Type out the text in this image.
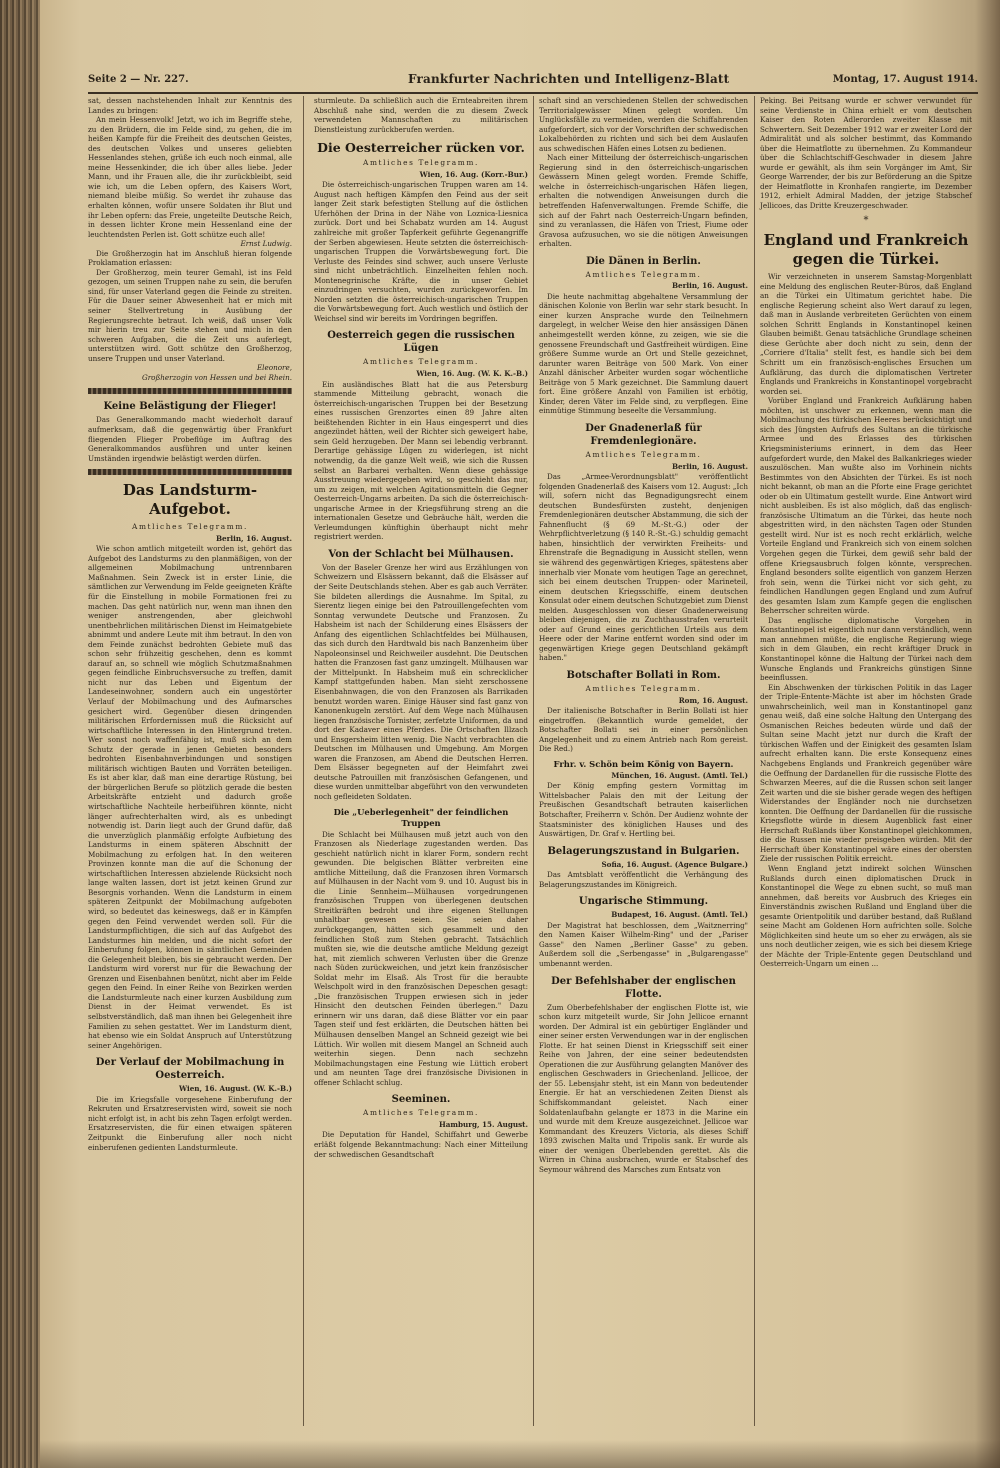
Seite 2 — Nr. 227.	Frankfurter Nachrichten und Intelligenz-Blatt	Montag, 17. August 1914.

sat, dessen nachstehenden Inhalt zur Kenntnis des Landes zu bringen:

An mein Hessenvolk! Jetzt, wo ich im Begriffe stehe, zu den Brüdern, die im Felde sind, zu gehen, die im heißen Kampfe für die Freiheit des deutschen Geistes, des deutschen Volkes und unseres geliebten Hessenlandes stehen, grüße ich euch noch einmal, alle meine Hessenkinder, die ich über alles liebe. Jeder Mann, und ihr Frauen alle, die ihr zurückbleibt, seid wie ich, um die Leben opfern, des Kaisers Wort, niemand bleibe müßig. So werdet ihr zuhause das erhalten können, wofür unsere Soldaten ihr Blut und ihr Leben opfern: das Freie, ungeteilte Deutsche Reich, in dessen lichter Krone mein Hessenland eine der leuchtendsten Perlen ist. Gott schütze euch alle!

Ernst Ludwig.

Die Großherzogin hat im Anschluß hieran folgende Proklamation erlassen:

Der Großherzog, mein teurer Gemahl, ist ins Feld gezogen, um seinen Truppen nahe zu sein, die berufen sind, für unser Vaterland gegen die Feinde zu streiten. Für die Dauer seiner Abwesenheit hat er mich mit seiner Stellvertretung in Ausübung der Regierungsrechte betraut. Ich weiß, daß unser Volk mir hierin treu zur Seite stehen und mich in den schweren Aufgaben, die die Zeit uns auferlegt, unterstützen wird. Gott schütze den Großherzog, unsere Truppen und unser Vaterland.

Eleonore,

Großherzogin von Hessen und bei Rhein.

Keine Belästigung der Flieger!

Das Generalkommando macht wiederholt darauf aufmerksam, daß die gegenwärtig über Frankfurt fliegenden Flieger Probeflüge im Auftrag des Generalkommandos ausführen und unter keinen Umständen irgendwie belästigt werden dürfen.

Das Landsturm-Aufgebot.

Amtliches Telegramm.

Berlin, 16. August.

Wie schon amtlich mitgeteilt worden ist, gehört das Aufgebot des Landsturms zu den planmäßigen, von der allgemeinen Mobilmachung untrennbaren Maßnahmen. Sein Zweck ist in erster Linie, die sämtlichen zur Verwendung im Felde geeigneten Kräfte für die Einstellung in mobile Formationen frei zu machen. Das geht natürlich nur, wenn man ihnen den weniger anstrengenden, aber gleichwohl unentbehrlichen militärischen Dienst im Heimatgebiete abnimmt und andere Leute mit ihm betraut. In den von dem Feinde zunächst bedrohten Gebiete muß das schon sehr frühzeitig geschehen, denn es kommt darauf an, so schnell wie möglich Schutzmaßnahmen gegen feindliche Einbruchsversuche zu treffen, damit nicht nur das Leben und Eigentum der Landeseinwohner, sondern auch ein ungestörter Verlauf der Mobilmachung und des Aufmarsches gesichert wird. Gegenüber diesen dringenden militärischen Erfordernissen muß die Rücksicht auf wirtschaftliche Interessen in den Hintergrund treten. Wer sonst noch waffenfähig ist, muß sich an dem Schutz der gerade in jenen Gebieten besonders bedrohten Eisenbahnverbindungen und sonstigen militärisch wichtigen Bauten und Vorräten beteiligen. Es ist aber klar, daß man eine derartige Rüstung, bei der bürgerlichen Berufe so plötzlich gerade die besten Arbeitskräfte entzieht und dadurch große wirtschaftliche Nachteile herbeiführen könnte, nicht länger aufrechterhalten wird, als es unbedingt notwendig ist. Darin liegt auch der Grund dafür, daß die unverzüglich planmäßig erfolgte Aufbietung des Landsturms in einem späteren Abschnitt der Mobilmachung zu erfolgen hat. In den weiteren Provinzen konnte man die auf die Schonung der wirtschaftlichen Interessen abzielende Rücksicht noch lange walten lassen, dort ist jetzt keinen Grund zur Besorgnis vorhanden. Wenn die Landsturm in einem späteren Zeitpunkt der Mobilmachung aufgeboten wird, so bedeutet das keineswegs, daß er in Kämpfen gegen den Feind verwendet werden soll. Für die Landsturmpflichtigen, die sich auf das Aufgebot des Landsturmes hin melden, und die nicht sofort der Einberufung folgen, können in sämtlichen Gemeinden die Gelegenheit bleiben, bis sie gebraucht werden. Der Landsturm wird vorerst nur für die Bewachung der Grenzen und Eisenbahnen benützt, nicht aber im Felde gegen den Feind. In einer Reihe von Bezirken werden die Landsturmleute nach einer kurzen Ausbildung zum Dienst in der Heimat verwendet. Es ist selbstverständlich, daß man ihnen bei Gelegenheit ihre Familien zu sehen gestattet. Wer im Landsturm dient, hat ebenso wie ein Soldat Anspruch auf Unterstützung seiner Angehörigen.

Der Verlauf der Mobilmachung in Oesterreich.

Wien, 16. August. (W. K.-B.)

Die im Kriegsfalle vorgesehene Einberufung der Rekruten und Ersatzreservisten wird, soweit sie noch nicht erfolgt ist, in acht bis zehn Tagen erfolgt werden. Ersatzreservisten, die für einen etwaigen späteren Zeitpunkt die Einberufung aller noch nicht einberufenen gedienten Landsturmleute.

sturmleute. Da schließlich auch die Ernteabreiten ihrem Abschluß nahe sind, werden die zu diesem Zweck verwendeten Mannschaften zu militärischen Dienstleistung zurückberufen werden.

Die Oesterreicher rücken vor.

Amtliches Telegramm.

Wien, 16. Aug. (Korr.-Bur.)

Die österreichisch-ungarischen Truppen waren am 14. August nach heftigen Kämpfen den Feind aus der seit langer Zeit stark befestigten Stellung auf die östlichen Uferhöhen der Drina in der Nähe von Loznica-Liesnica zurück. Dort und bei Schabatz wurden am 14. August zahlreiche mit großer Tapferkeit geführte Gegenangriffe der Serben abgewiesen. Heute setzten die österreichisch-ungarischen Truppen die Vorwärtsbewegung fort. Die Verluste des Feindes sind schwer, auch unsere Verluste sind nicht unbeträchtlich. Einzelheiten fehlen noch. Montenegrinische Kräfte, die in unser Gebiet einzudringen versuchten, wurden zurückgeworfen. Im Norden setzten die österreichisch-ungarischen Truppen die Vorwärtsbewegung fort. Auch westlich und östlich der Weichsel sind wir bereits im Vordringen begriffen.

Oesterreich gegen die russischen Lügen

Amtliches Telegramm.

Wien, 16. Aug. (W. K. K.-B.)

Ein ausländisches Blatt hat die aus Petersburg stammende Mitteilung gebracht, wonach die österreichisch-ungarischen Truppen bei der Besetzung eines russischen Grenzortes einen 89 Jahre alten beißtehenden Richter in ein Haus eingesperrt und dies angezündet hätten, weil der Richter sich geweigert habe, sein Geld herzugeben. Der Mann sei lebendig verbrannt. Derartige gehässige Lügen zu widerlegen, ist nicht notwendig, da die ganze Welt weiß, wie sich die Russen selbst an Barbarei verhalten. Wenn diese gehässige Ausstreuung wiedergegeben wird, so geschieht das nur, um zu zeigen, mit welchen Agitationsmitteln die Gegner Oesterreich-Ungarns arbeiten. Da sich die österreichisch-ungarische Armee in der Kriegsführung streng an die internationalen Gesetze und Gebräuche hält, werden die Verleumdungen künftighin überhaupt nicht mehr registriert werden.

Von der Schlacht bei Mülhausen.

Von der Baseler Grenze her wird aus Erzählungen von Schweizern und Elsässern bekannt, daß die Elsässer auf der Seite Deutschlands stehen. Aber es gab auch Verräter. Sie bildeten allerdings die Ausnahme. Im Spital, zu Sierentz liegen einige bei den Patrouillengefechten vom Sonntag verwundete Deutsche und Franzosen. Zu Habsheim ist nach der Schilderung eines Elsässers der Anfang des eigentlichen Schlachtfeldes bei Mülhausen, das sich durch den Hardtwald bis nach Banzenheim über Napoleonsinsel und Reichweiler ausdehnt. Die Deutschen hatten die Franzosen fast ganz umzingelt. Mülhausen war der Mittelpunkt. In Habsheim muß ein schrecklicher Kampf stattgefunden haben. Man sieht zerschossene Eisenbahnwagen, die von den Franzosen als Barrikaden benutzt worden waren. Einige Häuser sind fast ganz von Kanonenkugeln zerstört. Auf dem Wege nach Mülhausen liegen französische Tornister, zerfetzte Uniformen, da und dort der Kadaver eines Pferdes. Die Ortschaften Illzach und Ensgersheim litten wenig. Die Nacht verbrachten die Deutschen im Mülhausen und Umgebung. Am Morgen waren die Franzosen, am Abend die Deutschen Herren. Dem Elsässer begegneten auf der Heimfahrt zwei deutsche Patrouillen mit französischen Gefangenen, und diese wurden unmittelbar abgeführt von den verwundeten noch gefleideten Soldaten.

Die „Ueberlegenheit" der feindlichen Truppen

Die Schlacht bei Mülhausen muß jetzt auch von den Franzosen als Niederlage zugestanden werden. Das geschieht natürlich nicht in klarer Form, sondern recht gewunden. Die belgischen Blätter verbreiten eine amtliche Mitteilung, daß die Franzosen ihren Vormarsch auf Mülhausen in der Nacht vom 9. und 10. August bis in die Linie Sennheim—Mülhausen vorgedrungenen französischen Truppen von überlegenen deutschen Streitkräften bedroht und ihre eigenen Stellungen unhaltbar gewesen seien. Sie seien daher zurückgegangen, hätten sich gesammelt und den feindlichen Stoß zum Stehen gebracht. Tatsächlich mußten sie, wie die deutsche amtliche Meldung gezeigt hat, mit ziemlich schweren Verlusten über die Grenze nach Süden zurückweichen, und jetzt kein französischer Soldat mehr im Elsaß. Als Trost für die beraubte Welschpolt wird in den französischen Depeschen gesagt: „Die französischen Truppen erwiesen sich in jeder Hinsicht den deutschen Feinden überlegen." Dazu erinnern wir uns daran, daß diese Blätter vor ein paar Tagen steif und fest erklärten, die Deutschen hätten bei Mülhausen denselben Mangel an Schneid gezeigt wie bei Lüttich. Wir wollen mit diesem Mangel an Schneid auch weiterhin siegen. Denn nach sechzehn Mobilmachungstagen eine Festung wie Lüttich erobert und am neunten Tage drei französische Divisionen in offener Schlacht schlug.

Seeminen.

Amtliches Telegramm.

Hamburg, 15. August.

Die Deputation für Handel, Schiffahrt und Gewerbe erläßt folgende Bekanntmachung: Nach einer Mitteilung der schwedischen Gesandtschaft

schaft sind an verschiedenen Stellen der schwedischen Territorialgewässer Minen gelegt worden. Um Unglücksfälle zu vermeiden, werden die Schiffahrenden aufgefordert, sich vor der Vorschriften der schwedischen Lokalbehörden zu richten und sich bei dem Auslaufen aus schwedischen Häfen eines Lotsen zu bedienen.

Nach einer Mitteilung der österreichisch-ungarischen Regierung sind in den österreichisch-ungarischen Gewässern Minen gelegt worden. Fremde Schiffe, welche in österreichisch-ungarischen Häfen liegen, erhalten die notwendigen Anweisungen durch die betreffenden Hafenverwaltungen. Fremde Schiffe, die sich auf der Fahrt nach Oesterreich-Ungarn befinden, sind zu veranlassen, die Häfen von Triest, Fiume oder Gravosa aufzusuchen, wo sie die nötigen Anweisungen erhalten.

Die Dänen in Berlin.

Amtliches Telegramm.

Berlin, 16. August.

Die heute nachmittag abgehaltene Versammlung der dänischen Kolonie von Berlin war sehr stark besucht. In einer kurzen Ansprache wurde den Teilnehmern dargelegt, in welcher Weise den hier ansässigen Dänen anheimgestellt werden könne, zu zeigen, wie sie die genossene Freundschaft und Gastfreiheit würdigen. Eine größere Summe wurde an Ort und Stelle gezeichnet, darunter waren Beiträge von 500 Mark. Von einer Anzahl dänischer Arbeiter wurden sogar wöchentliche Beiträge von 5 Mark gezeichnet. Die Sammlung dauert fort. Eine größere Anzahl von Familien ist erbötig, Kinder, deren Väter im Felde sind, zu verpflegen. Eine einmütige Stimmung beseelte die Versammlung.

Der Gnadenerlaß für Fremdenlegionäre.

Amtliches Telegramm.

Berlin, 16. August.

Das „Armee-Verordnungsblatt" veröffentlicht folgenden Gnadenerlaß des Kaisers vom 12. August: „Ich will, sofern nicht das Begnadigungsrecht einem deutschen Bundesfürsten zusteht, denjenigen Fremdenlegionären deutscher Abstammung, die sich der Fahnenflucht (§ 69 M.-St.-G.) oder der Wehrpflichtverletzung (§ 140 R.-St.-G.) schuldig gemacht haben, hinsichtlich der verwirkten Freiheits- und Ehrenstrafe die Begnadigung in Aussicht stellen, wenn sie während des gegenwärtigen Krieges, spätestens aber innerhalb vier Monate vom heutigen Tage an gerechnet, sich bei einem deutschen Truppen- oder Marineteil, einem deutschen Kriegsschiffe, einem deutschen Konsulat oder einem deutschen Schutzgebiet zum Dienst melden. Ausgeschlossen von dieser Gnadenerweisung bleiben diejenigen, die zu Zuchthausstrafen verurteilt oder auf Grund eines gerichtlichen Urteils aus dem Heere oder der Marine entfernt worden sind oder im gegenwärtigen Kriege gegen Deutschland gekämpft haben."

Botschafter Bollati in Rom.

Amtliches Telegramm.

Rom, 16. August.

Der italienische Botschafter in Berlin Bollati ist hier eingetroffen. (Bekanntlich wurde gemeldet, der Botschafter Bollati sei in einer persönlichen Angelegenheit und zu einem Antrieb nach Rom gereist. Die Red.)

Frhr. v. Schön beim König von Bayern.

München, 16. August. (Amtl. Tel.)

Der König empfing gestern Vormittag im Wittelsbacher Palais den mit der Leitung der Preußischen Gesandtschaft betrauten kaiserlichen Botschafter, Freiherrn v. Schön. Der Audienz wohnte der Staatsminister des königlichen Hauses und des Auswärtigen, Dr. Graf v. Hertling bei.

Belagerungszustand in Bulgarien.

Sofia, 16. August. (Agence Bulgare.)

Das Amtsblatt veröffentlicht die Verhängung des Belagerungszustandes im Königreich.

Ungarische Stimmung.

Budapest, 16. August. (Amtl. Tel.)

Der Magistrat hat beschlossen, dem „Waitznerring" den Namen Kaiser Wilhelm-Ring" und der „Pariser Gasse" den Namen „Berliner Gasse" zu geben. Außerdem soll die „Serbengasse" in „Bulgarengasse" umbenannt werden.

Der Befehlshaber der englischen Flotte.

Zum Oberbefehlshaber der englischen Flotte ist, wie schon kurz mitgeteilt wurde, Sir John Jellicoe ernannt worden. Der Admiral ist ein gebürtiger Engländer und einer seiner ersten Verwendungen war in der englischen Flotte. Er hat seinen Dienst in Kriegsschiff seit einer Reihe von Jahren, der eine seiner bedeutendsten Operationen die zur Ausführung gelangten Manöver des englischen Geschwaders in Griechenland. Jellicoe, der der 55. Lebensjahr steht, ist ein Mann von bedeutender Energie. Er hat an verschiedenen Zeiten Dienst als Schiffskommandant geleistet. Nach einer Soldatenlaufbahn gelangte er 1873 in die Marine ein und wurde mit dem Kreuze ausgezeichnet. Jellicoe war Kommandant des Kreuzers Victoria, als dieses Schiff 1893 zwischen Malta und Tripolis sank. Er wurde als einer der wenigen Überlebenden gerettet. Als die Wirren in China ausbrachen, wurde er Stabschef des Seymour während des Marsches zum Entsatz von

Peking. Bei Peitsang wurde er schwer verwundet für seine Verdienste in China erhielt er vom deutschen Kaiser den Roten Adlerorden zweiter Klasse mit Schwertern. Seit Dezember 1912 war er zweiter Lord der Admiralität und als solcher bestimmt, das Kommando über die Heimatflotte zu übernehmen. Zu Kommandeur über die Schlachtschiff-Geschwader in diesem Jahre wurde er gewählt, als ihm sein Vorgänger im Amt, Sir George Warrender, der bis zur Beförderung an die Spitze der Heimatflotte in Kronhafen rangierte, im Dezember 1912, erhielt Admiral Madden, der jetzige Stabschef Jellicoes, das Dritte Kreuzergeschwader.

*

England und Frankreich gegen die Türkei.

Wir verzeichneten in unserem Samstag-Morgenblatt eine Meldung des englischen Reuter-Büros, daß England an die Türkei ein Ultimatum gerichtet habe. Die englische Regierung scheint also Wert darauf zu legen, daß man in Auslande verbreiteten Gerüchten von einem solchen Schritt Englands in Konstantinopel keinen Glauben beimißt. Genau tatsächliche Grundlage scheinen diese Gerüchte aber doch nicht zu sein, denn der „Corriere d'Italia" stellt fest, es handle sich bei dem Schritt um ein französisch-englisches Ersuchen um Aufklärung, das durch die diplomatischen Vertreter Englands und Frankreichs in Konstantinopel vorgebracht worden sei.

Vorüber England und Frankreich Aufklärung haben möchten, ist unschwer zu erkennen, wenn man die Mobilmachung des türkischen Heeres berücksichtigt und sich des Jüngsten Aufrufs des Sultans an die türkische Armee und des Erlasses des türkischen Kriegsministeriums erinnert, in dem das Heer aufgefordert wurde, den Makel des Balkankrieges wieder auszulöschen. Man wußte also im Vorhinein nichts Bestimmtes von den Absichten der Türkei. Es ist noch nicht bekannt, ob man an die Pforte eine Frage gerichtet oder ob ein Ultimatum gestellt wurde. Eine Antwort wird nicht ausbleiben. Es ist also möglich, daß das englisch-französische Ultimatum an die Türkei, das heute noch abgestritten wird, in den nächsten Tagen oder Stunden gestellt wird. Nur ist es noch recht erklärlich, welche Vorteile England und Frankreich sich von einem solchen Vorgehen gegen die Türkei, dem gewiß sehr bald der offene Kriegsausbruch folgen könnte, versprechen. England besonders sollte eigentlich von ganzem Herzen froh sein, wenn die Türkei nicht vor sich geht, zu feindlichen Handlungen gegen England und zum Aufruf des gesamten Islam zum Kampfe gegen die englischen Beherrscher schreiten würde.

Das englische diplomatische Vorgehen in Konstantinopel ist eigentlich nur dann verständlich, wenn man annehmen müßte, die englische Regierung wiege sich in dem Glauben, ein recht kräftiger Druck in Konstantinopel könne die Haltung der Türkei nach dem Wunsche Englands und Frankreichs günstigen Sinne beeinflussen.

Ein Abschwenken der türkischen Politik in das Lager der Triple-Entente-Mächte ist aber im höchsten Grade unwahrscheinlich, weil man in Konstantinopel ganz genau weiß, daß eine solche Haltung den Untergang des Osmanischen Reiches bedeuten würde und daß der Sultan seine Macht jetzt nur durch die Kraft der türkischen Waffen und der Einigkeit des gesamten Islam aufrecht erhalten kann. Die erste Konsequenz eines Nachgebens Englands und Frankreich gegenüber wäre die Oeffnung der Dardanellen für die russische Flotte des Schwarzen Meeres, auf die die Russen schon seit langer Zeit warten und die sie bisher gerade wegen des heftigen Widerstandes der Engländer noch nie durchsetzen konnten. Die Oeffnung der Dardanellen für die russische Kriegsflotte würde in diesem Augenblick fast einer Herrschaft Rußlands über Konstantinopel gleichkommen, die die Russen nie wieder preisgeben würden. Mit der Herrschaft über Konstantinopel wäre eines der obersten Ziele der russischen Politik erreicht.

Wenn England jetzt indirekt solchen Wünschen Rußlands durch einen diplomatischen Druck in Konstantinopel die Wege zu ebnen sucht, so muß man annehmen, daß bereits vor Ausbruch des Krieges ein Einverständnis zwischen Rußland und England über die gesamte Orientpolitik und darüber bestand, daß Rußland seine Macht am Goldenen Horn aufrichten solle. Solche Möglichkeiten sind heute um so eher zu erwägen, als sie uns noch deutlicher zeigen, wie es sich bei diesem Kriege der Mächte der Triple-Entente gegen Deutschland und Oesterreich-Ungarn um einen ...
